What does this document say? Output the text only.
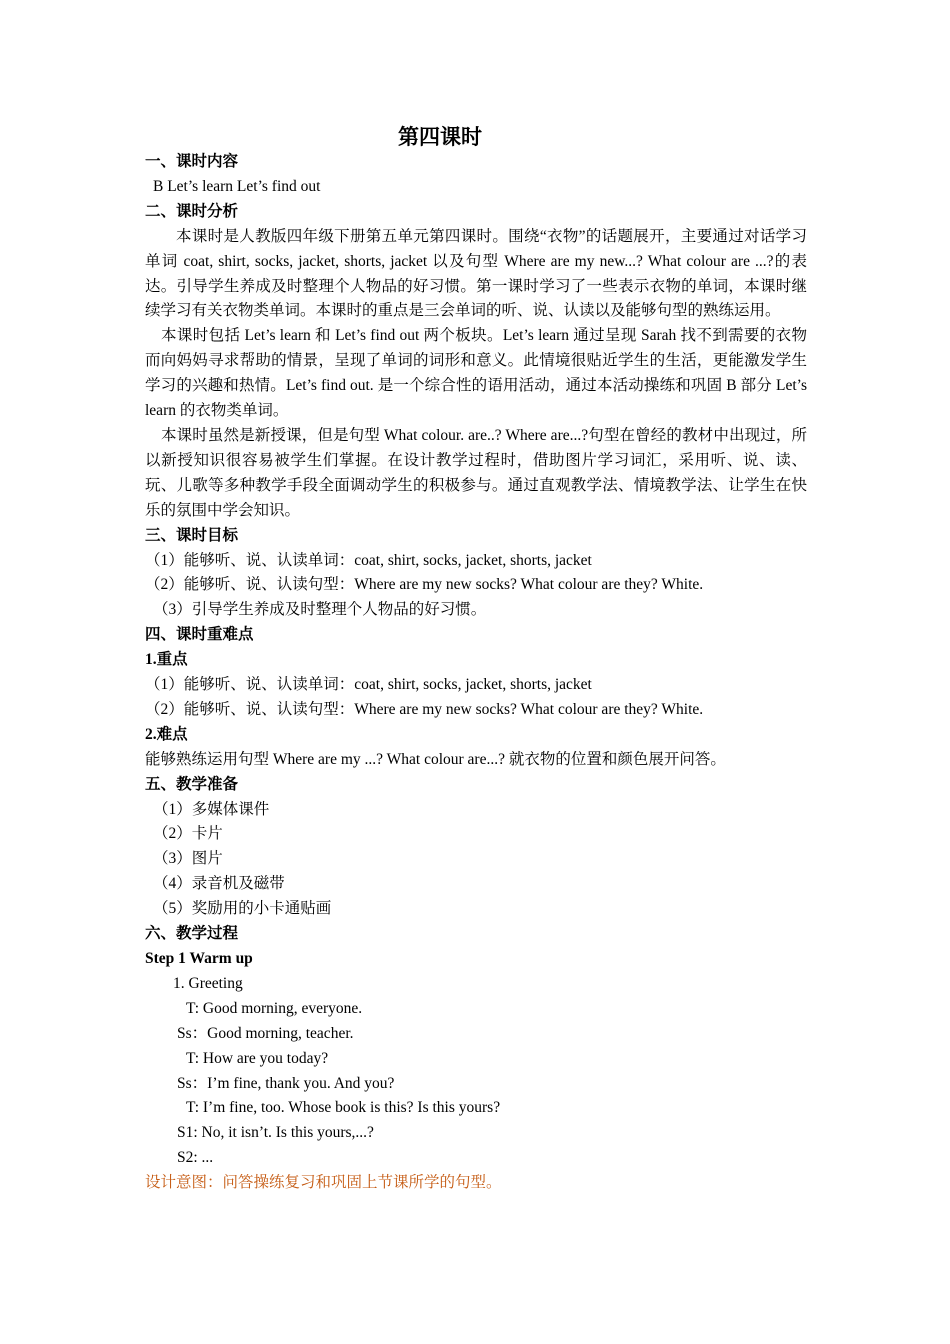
第四课时

一、课时内容

B Let’s learn Let’s find out

二、课时分析

本课时是人教版四年级下册第五单元第四课时。围绕“衣物”的话题展开，主要通过对话学习单词 coat, shirt, socks, jacket, shorts, jacket 以及句型 Where are my new...? What colour are ...?的表达。引导学生养成及时整理个人物品的好习惯。第一课时学习了一些表示衣物的单词，本课时继续学习有关衣物类单词。本课时的重点是三会单词的听、说、认读以及能够句型的熟练运用。

本课时包括 Let’s learn 和 Let’s find out 两个板块。Let’s learn 通过呈现 Sarah 找不到需要的衣物而向妈妈寻求帮助的情景，呈现了单词的词形和意义。此情境很贴近学生的生活，更能激发学生学习的兴趣和热情。Let’s find out. 是一个综合性的语用活动，通过本活动操练和巩固 B 部分 Let’s learn 的衣物类单词。

本课时虽然是新授课，但是句型 What colour. are..? Where are...?句型在曾经的教材中出现过，所以新授知识很容易被学生们掌握。在设计教学过程时，借助图片学习词汇，采用听、说、读、玩、儿歌等多种教学手段全面调动学生的积极参与。通过直观教学法、情境教学法、让学生在快乐的氛围中学会知识。

三、课时目标

（1）能够听、说、认读单词：coat, shirt, socks, jacket, shorts, jacket

（2）能够听、说、认读句型：Where are my new socks? What colour are they? White.

（3）引导学生养成及时整理个人物品的好习惯。

四、课时重难点

1.重点

（1）能够听、说、认读单词：coat, shirt, socks, jacket, shorts, jacket

（2）能够听、说、认读句型：Where are my new socks? What colour are they? White.

2.难点

能够熟练运用句型 Where are my ...? What colour are...? 就衣物的位置和颜色展开问答。

五、教学准备

（1）多媒体课件

（2）卡片

（3）图片

（4）录音机及磁带

（5）奖励用的小卡通贴画

六、教学过程

Step 1 Warm up

1. Greeting

T: Good morning, everyone.

Ss：Good morning, teacher.

T: How are you today?

Ss：I’m fine, thank you. And you?

T: I’m fine, too. Whose book is this? Is this yours?

S1: No, it isn’t. Is this yours,...?

S2: ...

设计意图：问答操练复习和巩固上节课所学的句型。
